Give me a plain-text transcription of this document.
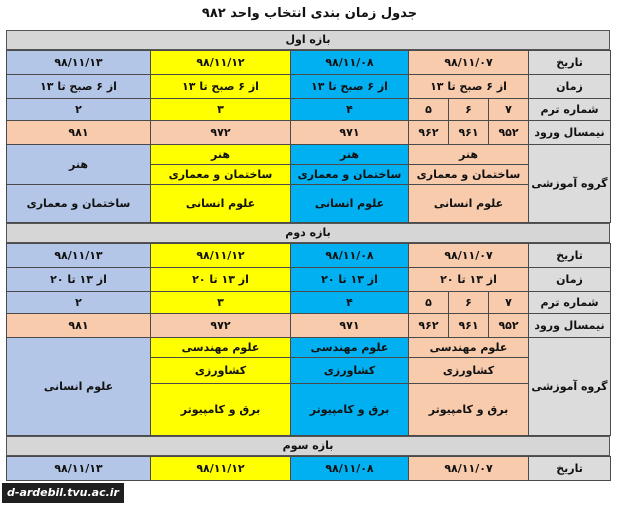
جدول زمان بندی انتخاب واحد ۹۸۲
بازه اول
تاریخ	۹۸/۱۱/۰۷			۹۸/۱۱/۰۸	۹۸/۱۱/۱۲	۹۸/۱۱/۱۳
زمان	از ۶ صبح تا ۱۳			از ۶ صبح تا ۱۳	از ۶ صبح تا ۱۳	از ۶ صبح تا ۱۳
شماره ترم	۷	۶	۵	۴	۳	۲
نیمسال ورود	۹۵۲	۹۶۱	۹۶۲	۹۷۱	۹۷۲	۹۸۱
گروه آموزشی	هنر			هنر	هنر	هنر
	ساختمان و معماری			ساختمان و معماری	ساختمان و معماری	
	علوم انسانی			علوم انسانی	علوم انسانی	ساختمان و معماری
بازه دوم
تاریخ	۹۸/۱۱/۰۷			۹۸/۱۱/۰۸	۹۸/۱۱/۱۲	۹۸/۱۱/۱۳
زمان	از ۱۳ تا ۲۰			از ۱۳ تا ۲۰	از ۱۳ تا ۲۰	از ۱۳ تا ۲۰
شماره ترم	۷	۶	۵	۴	۳	۲
نیمسال ورود	۹۵۲	۹۶۱	۹۶۲	۹۷۱	۹۷۲	۹۸۱
گروه آموزشی	علوم مهندسی			علوم مهندسی	علوم مهندسی	علوم انسانی
	کشاورزی			کشاورزی	کشاورزی	
	برق و کامپیوتر			برق و کامپیوتر	برق و کامپیوتر	
بازه سوم
تاریخ	۹۸/۱۱/۰۷	۹۸/۱۱/۰۸	۹۸/۱۱/۱۲	۹۸/۱۱/۱۳
d-ardebil.tvu.ac.ir
